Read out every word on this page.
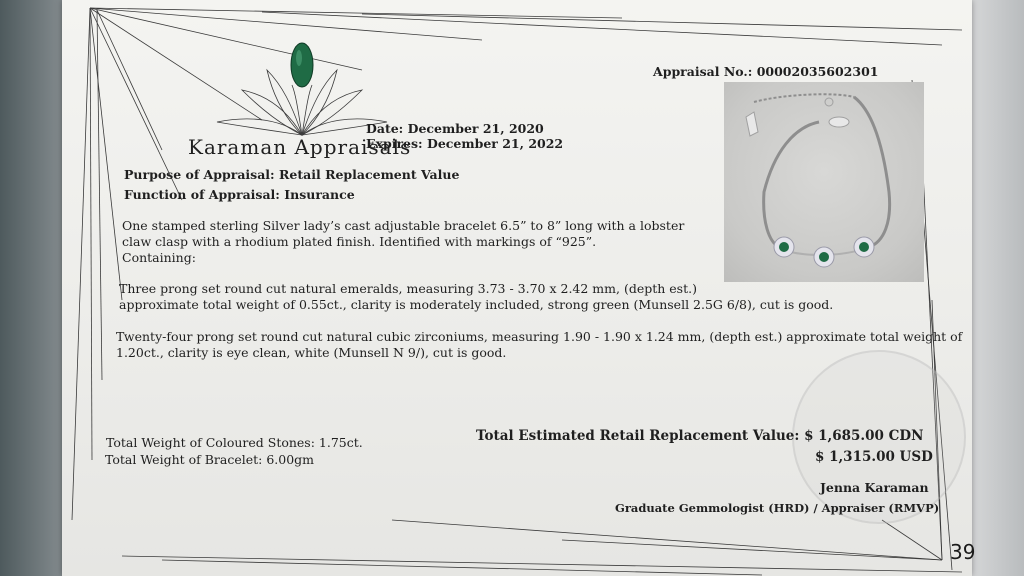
Karaman Appraisals
Appraisal No.: 00002035602301
Date: December 21, 2020
Expires: December 21, 2022
Purpose of Appraisal: Retail Replacement Value
Function of Appraisal: Insurance
One stamped sterling Silver lady’s cast adjustable bracelet 6.5” to 8” long with a lobster
claw clasp with a rhodium plated finish. Identified with markings of “925”.
Containing:
Three prong set round cut natural emeralds, measuring 3.73 - 3.70 x 2.42 mm, (depth est.)
approximate total weight of 0.55ct., clarity is moderately included, strong green (Munsell 2.5G 6/8), cut is good.
Twenty-four prong set round cut natural cubic zirconiums, measuring 1.90 - 1.90 x 1.24 mm, (depth est.) approximate total weight of
1.20ct., clarity is eye clean, white (Munsell N 9/), cut is good.
Total Weight of Coloured Stones: 1.75ct.
Total Weight of Bracelet: 6.00gm
Total Estimated Retail Replacement Value: $ 1,685.00 CDN
$ 1,315.00 USD
Jenna Karaman
Graduate Gemmologist (HRD) / Appraiser (RMVP)
39
